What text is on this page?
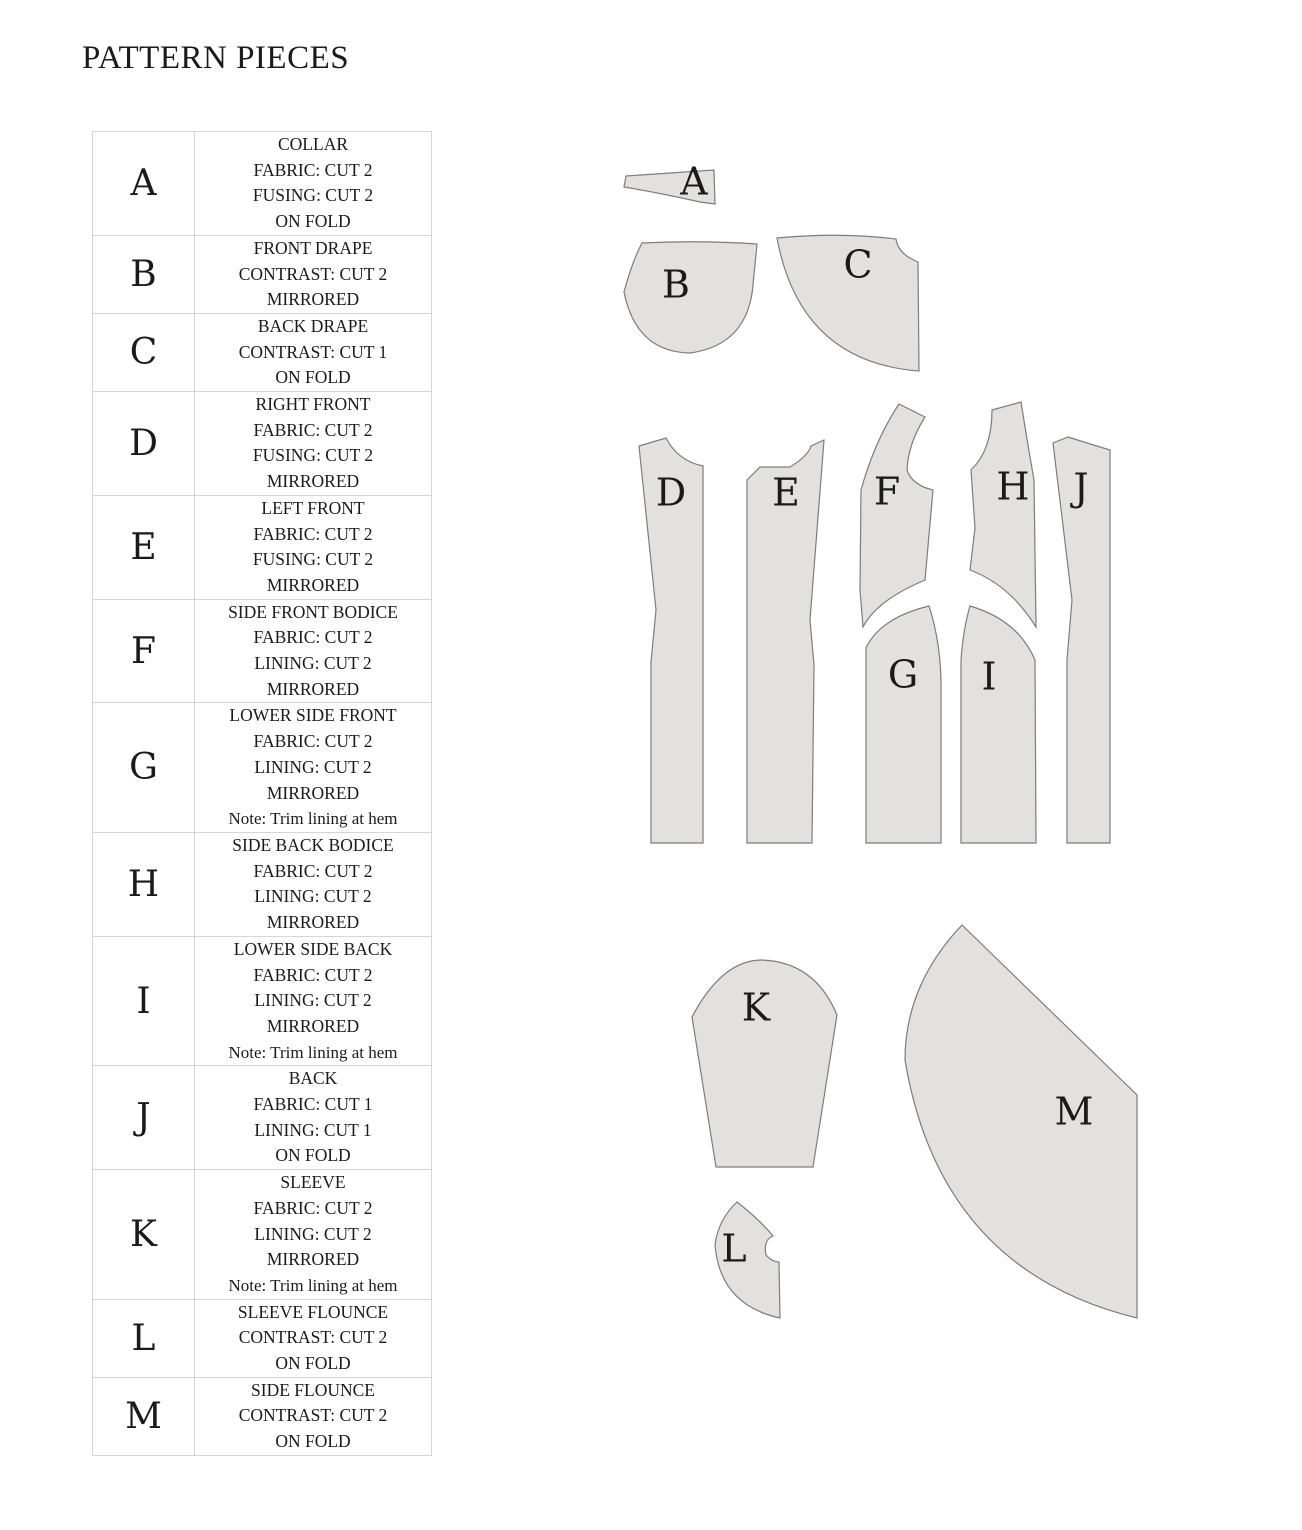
PATTERN PIECES
A	COLLAR
FABRIC: CUT 2
FUSING: CUT 2
ON FOLD

B	FRONT DRAPE
CONTRAST: CUT 2
MIRRORED

C	BACK DRAPE
CONTRAST: CUT 1
ON FOLD

D	RIGHT FRONT
FABRIC: CUT 2
FUSING: CUT 2
MIRRORED

E	LEFT FRONT
FABRIC: CUT 2
FUSING: CUT 2
MIRRORED

F	SIDE FRONT BODICE
FABRIC: CUT 2
LINING: CUT 2
MIRRORED

G	LOWER SIDE FRONT
FABRIC: CUT 2
LINING: CUT 2
MIRRORED
Note: Trim lining at hem

H	SIDE BACK BODICE
FABRIC: CUT 2
LINING: CUT 2
MIRRORED

I	LOWER SIDE BACK
FABRIC: CUT 2
LINING: CUT 2
MIRRORED
Note: Trim lining at hem

J	BACK
FABRIC: CUT 1
LINING: CUT 1
ON FOLD

K	SLEEVE
FABRIC: CUT 2
LINING: CUT 2
MIRRORED
Note: Trim lining at hem

L	SLEEVE FLOUNCE
CONTRAST: CUT 2
ON FOLD

M	SIDE FLOUNCE
CONTRAST: CUT 2
ON FOLD
A
B	C
D E F
G
H
I
J
K
L
M
